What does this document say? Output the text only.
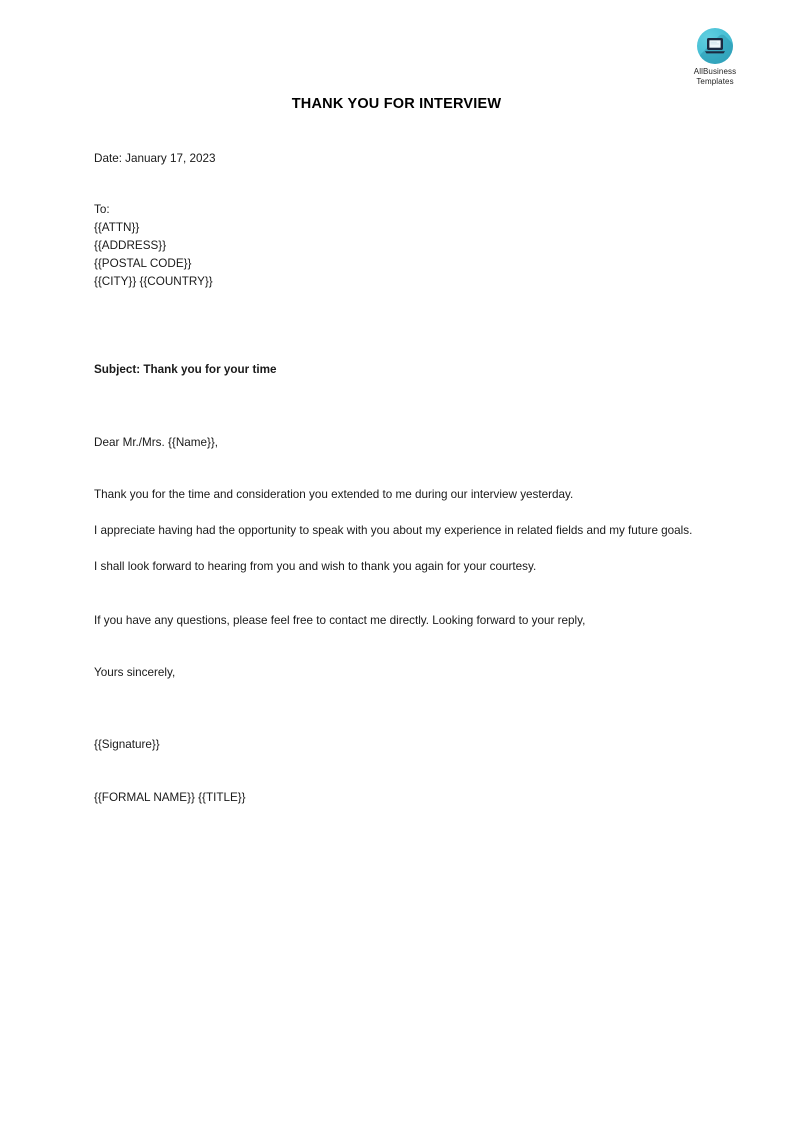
AllBusiness
Templates
THANK YOU FOR INTERVIEW
Date: January 17, 2023
To:
{{ATTN}}
{{ADDRESS}}
{{POSTAL CODE}}
{{CITY}} {{COUNTRY}}
Subject: Thank you for your time
Dear Mr./Mrs. {{Name}},
Thank you for the time and consideration you extended to me during our interview yesterday.
I appreciate having had the opportunity to speak with you about my experience in related fields and my future goals.
I shall look forward to hearing from you and wish to thank you again for your courtesy.
If you have any questions, please feel free to contact me directly. Looking forward to your reply,
Yours sincerely,
{{Signature}}
{{FORMAL NAME}} {{TITLE}}
